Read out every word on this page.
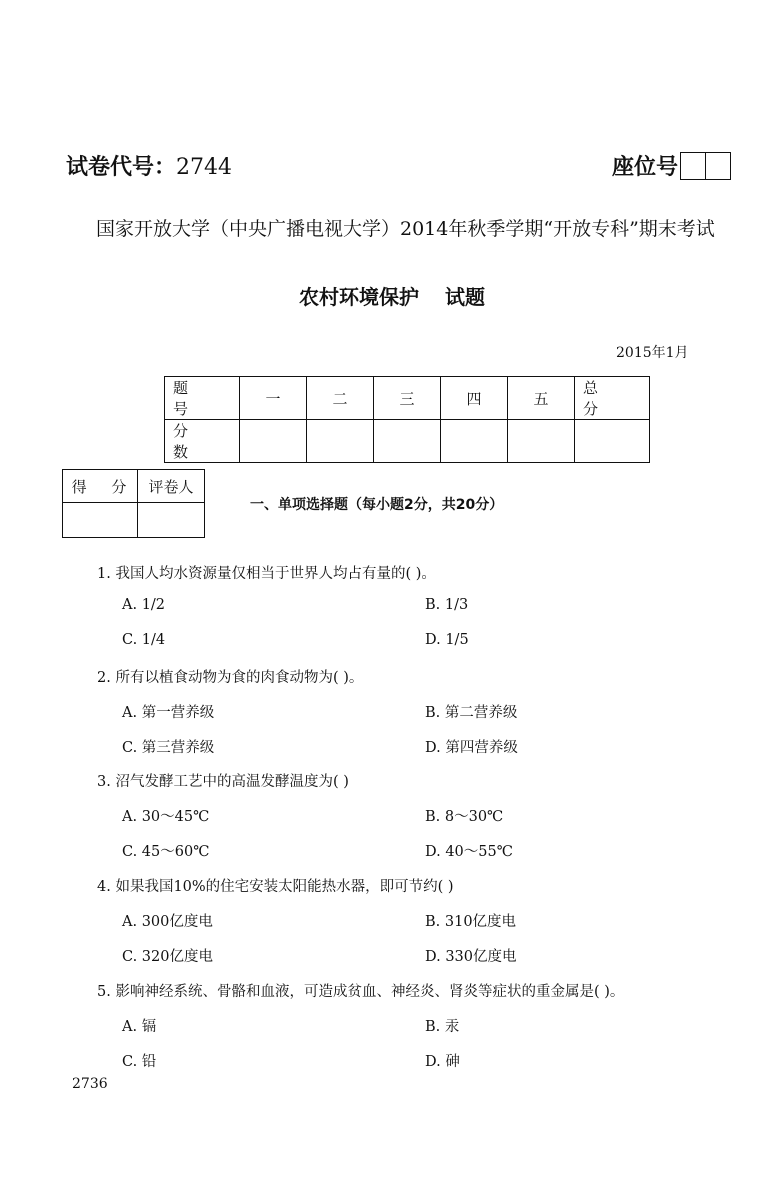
试卷代号：2744	座位号
国家开放大学（中央广播电视大学）2014年秋季学期“开放专科”期末考试
农村环境保护 试题
2015年1月
题 号	一	二	三	四	五	总 分
分 数						
得 分	评卷人

一、单项选择题（每小题2分，共20分）
1. 我国人均水资源量仅相当于世界人均占有量的( )。
A. 1/2	B. 1/3
C. 1/4	D. 1/5
2. 所有以植食动物为食的肉食动物为( )。
A. 第一营养级	B. 第二营养级
C. 第三营养级	D. 第四营养级
3. 沼气发酵工艺中的高温发酵温度为( )
A. 30～45℃	B. 8～30℃
C. 45～60℃	D. 40～55℃
4. 如果我国10%的住宅安装太阳能热水器，即可节约( )
A. 300亿度电	B. 310亿度电
C. 320亿度电	D. 330亿度电
5. 影响神经系统、骨骼和血液，可造成贫血、神经炎、肾炎等症状的重金属是( )。
A. 镉	B. 汞
C. 铅	D. 砷
2736
